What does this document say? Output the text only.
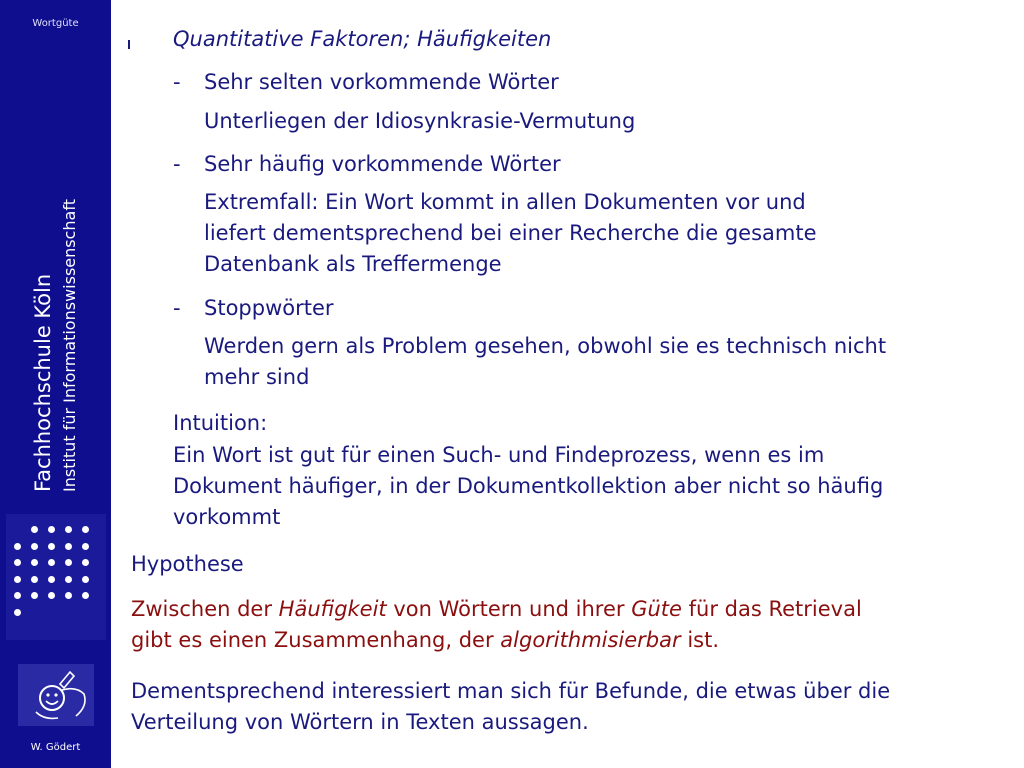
Wortgüte
Fachhochschule Köln Institut für Informationswissenschaft
W. Gödert

Quantitative Faktoren; Häufigkeiten

- Sehr selten vorkommende Wörter

Unterliegen der Idiosynkrasie-Vermutung

- Sehr häufig vorkommende Wörter

Extremfall: Ein Wort kommt in allen Dokumenten vor und

liefert dementsprechend bei einer Recherche die gesamte

Datenbank als Treffermenge

- Stoppwörter

Werden gern als Problem gesehen, obwohl sie es technisch nicht

mehr sind

Intuition:

Ein Wort ist gut für einen Such- und Findeprozess, wenn es im

Dokument häufiger, in der Dokumentkollektion aber nicht so häufig

vorkommt

Hypothese

Zwischen der Häufigkeit von Wörtern und ihrer Güte für das Retrieval

gibt es einen Zusammenhang, der algorithmisierbar ist.

Dementsprechend interessiert man sich für Befunde, die etwas über die

Verteilung von Wörtern in Texten aussagen.
